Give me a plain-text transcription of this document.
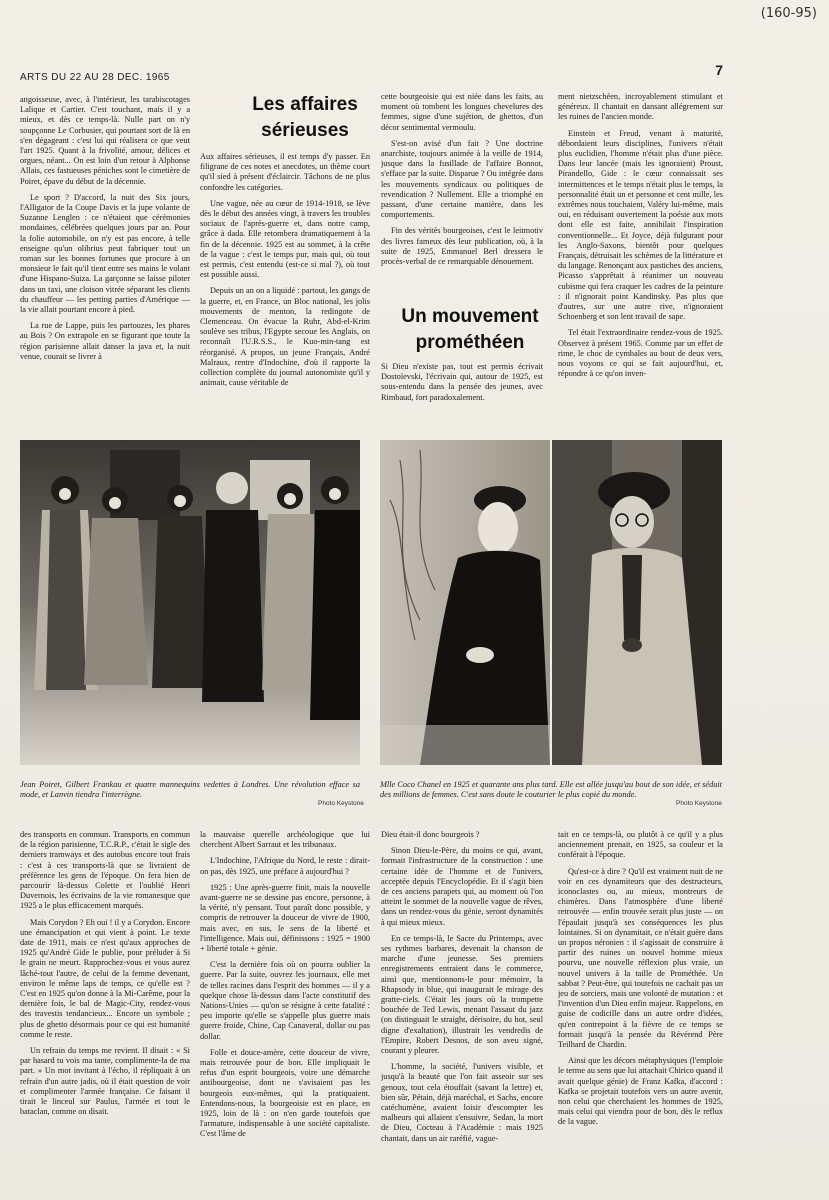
(160-95)
ARTS DU 22 AU 28 DEC. 1965	7

angoisseuse, avec, à l'intérieur, les tarabiscotages Lalique et Cartier. C'est touchant, mais il y a mieux, et dès ce temps-là. Nulle part on n'y soupçonne Le Corbusier, qui pourtant sort de là en s'en dégageant : c'est lui qui réalisera ce que veut l'art 1925. Quant à la frivolité, amour, délices et orgues, néant... On est loin d'un retour à Alphonse Allais, ces fastueuses péniches sont le cimetière de Poiret, épave du début de la décennie.

Le sport ? D'accord, la nuit des Six jours, l'Alligator de la Coupe Davis et la jupe volante de Suzanne Lenglen : ce n'étaient que cérémonies mondaines, célébrées quelques jours par an. Pour la folie automobile, on n'y est pas encore, à telle enseigne qu'un olibrius peut fabriquer tout un roman sur les bonnes fortunes que procure à un monsieur le fait qu'il tient entre ses mains le volant d'une Hispano-Suiza. La garçonne se laisse piloter dans un taxi, une cloison vitrée séparant les clients du chauffeur — les petting parties d'Amérique — la vie allait pourtant encore à pied.

La rue de Lappe, puis les partouzes, les phares au Bois ? On extrapole en se figurant que toute la région parisienne allait danser la java et, la nuit venue, courait se livrer à

Les affaires sérieuses

Aux affaires sérieuses, il est temps d'y passer. En filigrane de ces notes et anecdotes, un thème court qu'il sied à présent d'éclaircir. Tâchons de ne plus confondre les catégories.

Une vague, née au cœur de 1914-1918, se lève dès le début des années vingt, à travers les troubles sociaux de l'après-guerre et, dans notre camp, grâce à dada. Elle retombera dramatiquement à la fin de la décennie. 1925 est au sommet, à la crête de la vague : c'est le temps pur, mais qui, où tout est permis, c'est entendu (est-ce si mal ?), où tout est possible aussi.

Depuis un an on a liquidé : partout, les gangs de la guerre, et, en France, un Bloc national, les jolis mouvements de menton, la redingote de Clemenceau. On évacue la Ruhr, Abd-el-Krim soulève ses tribus, l'Egypte secoue les Anglais, on reconnaît l'U.R.S.S., le Kuo-min-tang est réorganisé. A propos, un jeune Français, André Malraux, rentre d'Indochine, d'où il rapporte la collection complète du journal autonomiste qu'il y animait, cause véritable de

cette bourgeoisie qui est niée dans les faits, au moment où tombent les longues chevelures des femmes, signe d'une sujétion, de ghettos, d'un décor sentimental vermoulu.

S'est-on avisé d'un fait ? Une doctrine anarchiste, toujours animée à la veille de 1914, jusque dans la fusillade de l'affaire Bonnot, s'efface par la suite. Disparue ? Ou intégrée dans les mouvements syndicaux ou politiques de revendication ? Nullement. Elle a triomphé en passant, d'une certaine manière, dans les comportements.

Fin des vérités bourgeoises, c'est le leitmotiv des livres fameux dès leur publication, où, à la suite de 1925, Emmanuel Berl dressera le procès-verbal de ce remarquable dénouement.

Un mouvement prométhéen

Si Dieu n'existe pas, tout est permis écrivait Dostoïevski, l'écrivain qui, autour de 1925, est sous-entendu dans la pensée des jeunes, avec Rimbaud, fort paradoxalement.

ment nietzschéen, incroyablement stimulant et généreux. Il chantait en dansant allégrement sur les ruines de l'ancien monde.

Einstein et Freud, venant à maturité, débordaient leurs disciplines, l'univers n'était plus euclidien, l'homme n'était plus d'une pièce. Dans leur lancée (mais les ignoraient) Proust, Pirandello, Gide : le cœur connaissait ses intermittences et le temps n'était plus le temps, la personnalité était un et personne et cent mille, les extrêmes nous touchaient, Valéry lui-même, mais oui, en réduisant ouvertement la poésie aux mots dont elle est faite, annihilait l'inspiration conventionnelle... Et Joyce, déjà fulgurant pour les Anglo-Saxons, bientôt pour quelques Français, détruisait les schèmes de la littérature et du langage. Renonçant aux pastiches des anciens, Picasso s'apprêtait à réanimer un nouveau cubisme qui fera craquer les cadres de la peinture : il n'ignorait point Kandinsky. Pas plus que d'autres, sur une autre rive, n'ignoraient Schoenberg et son lent travail de sape.

Tel était l'extraordinaire rendez-vous de 1925. Observez à présent 1965. Comme par un effet de rime, le choc de cymbales au bout de deux vers, nous voyons ce qui se fait aujourd'hui, et, répondre à ce qu'on inven-

Jean Poiret, Gilbert Frankau et quatre mannequins vedettes à Londres. Une révolution efface sa mode, et Lanvin tiendra l'interrègne.
Photo Keystone
Mlle Coco Chanel en 1925 et quarante ans plus tard. Elle est allée jusqu'au bout de son idée, et séduit des millions de femmes. C'est sans doute le couturier le plus copié du monde.
Photo Keystone

des transports en commun. Transports en commun de la région parisienne, T.C.R.P., c'était le sigle des derniers tramways et des autobus encore tout frais : c'est à ces transports-là que se livraient de préférence les gens de l'époque. On fera bien de parcourir là-dessus Colette et l'oublié Henri Duvernois, les écrivains de la vie romanesque que 1925 a le plus efficacement marqués.

Mais Corydon ? Eh oui ! il y a Corydon. Encore une émancipation et qui vient à point. Le texte date de 1911, mais ce n'est qu'aux approches de 1925 qu'André Gide le publie, pour préluder à Si le grain ne meurt. Rapprochez-vous et vous aurez lâché-tout l'autre, de celui de la femme devenant, environ le même laps de temps, ce qu'elle est ? C'est en 1925 qu'on donne à la Mi-Carême, pour la dernière fois, le bal de Magic-City, rendez-vous des travestis tendancieux... Encore un symbole ; plus de ghetto désormais pour ce qui est humanité comme le reste.

Un refrain du temps me revient. Il disait : « Si par hasard tu vois ma tante, complimente-la de ma part. » Un mot invitant à l'écho, il répliquait à un refrain d'un autre jadis, où il était question de voir et complimenter l'armée française. Ce faisant il tirait le linceul sur Paulus, l'armée et tout le bataclan, comme on disait.

la mauvaise querelle archéologique que lui cherchent Albert Sarraut et les tribunaux.

L'Indochine, l'Afrique du Nord, le reste : dirait-on pas, dès 1925, une préface à aujourd'hui ?

1925 : Une après-guerre finit, mais la nouvelle avant-guerre ne se dessine pas encore, personne, à la vérité, n'y pensant. Tout paraît donc possible, y compris de retrouver la douceur de vivre de 1900, mais avec, en sus, le sens de la liberté et l'intelligence. Mais oui, définissons : 1925 = 1900 + liberté totale + génie.

C'est la dernière fois où on pourra oublier la guerre. Par la suite, ouvrez les journaux, elle met de telles racines dans l'esprit des hommes — il y a quelque chose là-dessus dans l'acte constitutif des Nations-Unies — qu'on se résigne à cette fatalité : peu importe qu'elle se s'appelle plus guerre mais guerre froide, Chine, Cap Canaveral, dollar ou pas dollar.

Folle et douce-amère, cette douceur de vivre, mais retrouvée pour de bon. Elle impliquait le refus d'un esprit bourgeois, voire une démarche antibourgeoise, dont ne s'avisaient pas les bourgeois eux-mêmes, qui la pratiquaient. Entendons-nous, la bourgeoisie est en place, en 1925, loin de là : on n'en garde toutefois que l'armature, indispensable à une société capitaliste. C'est l'âme de

Dieu était-il donc bourgeois ?

Sinon Dieu-le-Père, du moins ce qui, avant, formait l'infrastructure de la construction : une certaine idée de l'homme et de l'univers, acceptée depuis l'Encyclopédie. Et il s'agit bien de ces anciens parapets qui, au moment où l'on atteint le sommet de la nouvelle vague de rêves, dans un rendez-vous du génie, seront dynamités à qui mieux mieux.

En ce temps-là, le Sacre du Printemps, avec ses rythmes barbares, devenait la chanson de marche d'une jeunesse. Ses premiers enregistrements entraient dans le commerce, ainsi que, mentionnons-le pour mémoire, la Rhapsody in blue, qui inaugurait le mirage des gratte-ciels. C'était les jours où la trompette bouchée de Ted Lewis, menant l'assaut du jazz (on distinguait le straight, dérisoire, du hot, seul digne d'exaltation), illustrait les vendredis de l'Empire, Robert Desnos, de son aveu signé, courant y pleurer.

L'homme, la société, l'univers visible, et jusqu'à la beauté que l'on fait asseoir sur ses genoux, tout cela étouffait (savant la lettre) et, bien sûr, Pétain, déjà maréchal, et Sachs, encore catéchumène, avaient loisir d'escompter les malheurs qui allaient s'ensuivre, Sedan, la mort de Dieu, Cocteau à l'Académie : mais 1925 chantait, dans un air raréfié, vague-

tait en ce temps-là, ou plutôt à ce qu'il y a plus anciennement prenait, en 1925, sa couleur et la conférait à l'époque.

Qu'est-ce à dire ? Qu'il est vraiment nuit de ne voir en ces dynamiteurs que des destructeurs, iconoclastes ou, au mieux, montreurs de chimères. Dans l'atmosphère d'une liberté retrouvée — enfin trouvée serait plus juste — on l'épaulait jusqu'à ses conséquences les plus lointaines. Si on dynamitait, ce n'était guère dans un propos néronien : il s'agissait de construire à partir des ruines un nouvel homme mieux pourvu, une nouvelle réflexion plus vraie, un nouvel univers à la taille de Prométhée. Un sabbat ? Peut-être, qui toutefois ne cachait pas un jeu de sorciers, mais une volonté de mutation : et l'invention d'un Dieu enfin majeur. Rappelons, en guise de codicille dans un autre ordre d'idées, qu'en contrepoint à la fièvre de ce temps se formait jusqu'à la pensée du Révérend Père Teilhard de Chardin.

Ainsi que les décors métaphysiques (l'emploie le terme au sens que lui attachait Chirico quand il avait quelque génie) de Franz Kafka, d'accord : Kafka se projetait toutefois vers un autre avenir, non celui que cherchaient les hommes de 1925, mais celui qui viendra pour de bon, dès le reflux de la vague.
